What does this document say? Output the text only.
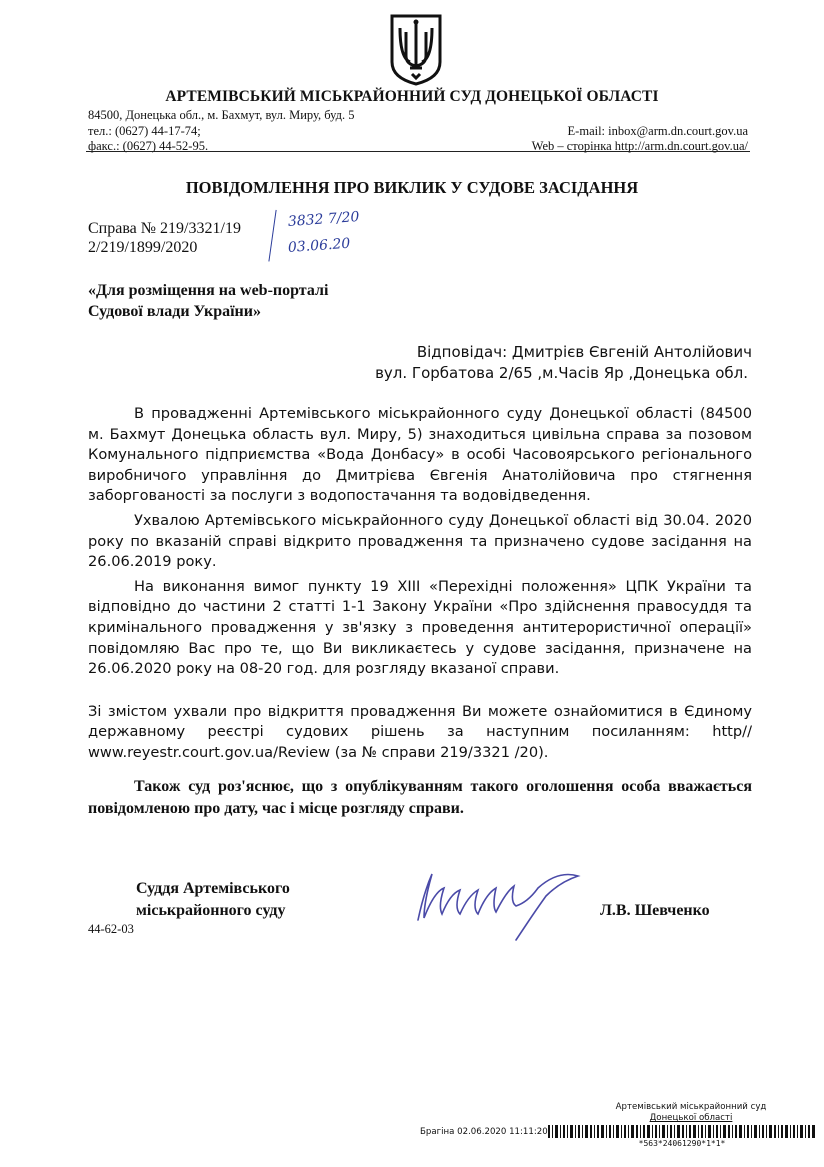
АРТЕМІВСЬКИЙ МІСЬКРАЙОННИЙ СУД ДОНЕЦЬКОЇ ОБЛАСТІ
84500, Донецька обл., м. Бахмут, вул. Миру, буд. 5
тел.: (0627) 44-17-74;
факс.: (0627) 44-52-95.
E-mail: inbox@arm.dn.court.gov.ua
Web – сторінка http://arm.dn.court.gov.ua/
ПОВІДОМЛЕННЯ ПРО ВИКЛИК У СУДОВЕ ЗАСІДАННЯ
Справа № 219/3321/19
2/219/1899/2020
3832 7/20
03.06.20
«Для розміщення на web-порталі
Судової влади України»
Відповідач: Дмитрієв Євгеній Антолійович
вул. Горбатова 2/65 ,м.Часів Яр ,Донецька обл.

В провадженні Артемівського міськрайонного суду Донецької області (84500 м. Бахмут Донецька область вул. Миру, 5) знаходиться цивільна справа за позовом Комунального підприємства «Вода Донбасу» в особі Часовоярського регіонального виробничого управління до Дмитрієва Євгенія Анатолійовича про стягнення заборгованості за послуги з водопостачання та водовідведення.

Ухвалою Артемівського міськрайонного суду Донецької області від 30.04. 2020 року по вказаній справі відкрито провадження та призначено судове засідання на 26.06.2019 року.

На виконання вимог пункту 19 XIII «Перехідні положення» ЦПК України та відповідно до частини 2 статті 1-1 Закону України «Про здійснення правосуддя та кримінального провадження у зв'язку з проведення антитерористичної операції» повідомляю Вас про те, що Ви викликаєтесь у судове засідання, призначене на 26.06.2020 року на 08-20 год. для розгляду вказаної справи.

Зі змістом ухвали про відкриття провадження Ви можете ознайомитися в Єдиному державному реєстрі судових рішень за наступним посиланням: http// www.reyestr.court.gov.ua/Review (за № справи 219/3321 /20).

Також суд роз'яснює, що з опублікуванням такого оголошення особа вважається повідомленою про дату, час і місце розгляду справи.
Суддя Артемівського
міськрайонного суду	Л.В. Шевченко
44-62-03
Артемівський міськрайонний суд
Донецької області
Брагіна 02.06.2020 11:11:20
*563*24061290*1*1*
